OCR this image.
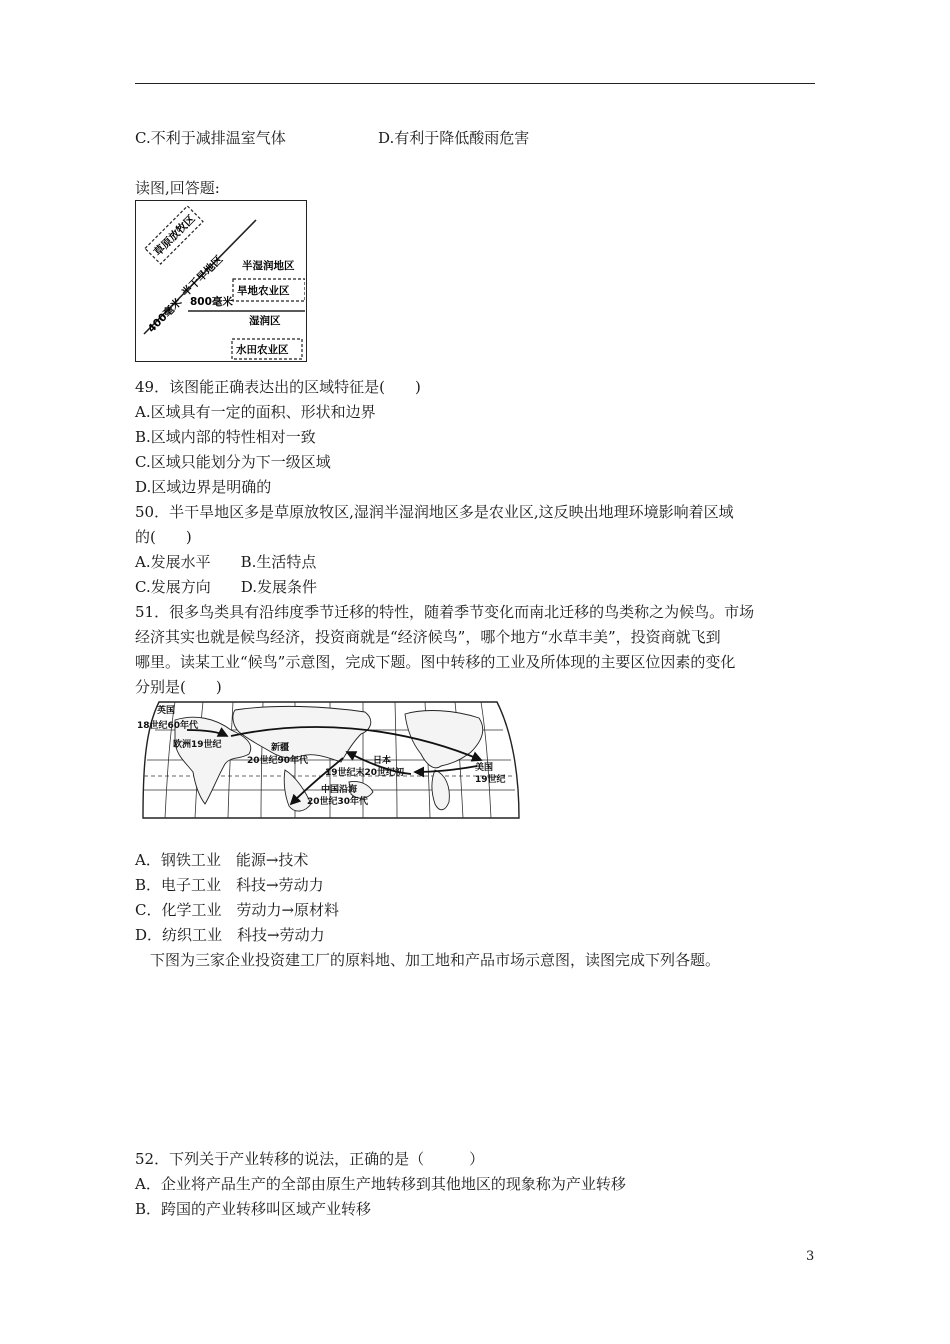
C.不利于减排温室气体	D.有利于降低酸雨危害
读图,回答题:
草原放牧区
400毫米
半干旱地区 半湿润地区
旱地农业区
800毫米
湿润区
水田农业区
49．该图能正确表达出的区域特征是(　　)
A.区域具有一定的面积、形状和边界
B.区域内部的特性相对一致
C.区域只能划分为下一级区域
D.区域边界是明确的
50．半干旱地区多是草原放牧区,湿润半湿润地区多是农业区,这反映出地理环境影响着区域
的(　　)
A.发展水平　　B.生活特点
C.发展方向　　D.发展条件
51．很多鸟类具有沿纬度季节迁移的特性，随着季节变化而南北迁移的鸟类称之为候鸟。市场
经济其实也就是候鸟经济，投资商就是“经济候鸟”，哪个地方“水草丰美”，投资商就飞到
哪里。读某工业“候鸟”示意图，完成下题。图中转移的工业及所体现的主要区位因素的变化
分别是(　　)
英国
18世纪60年代
欧洲19世纪	新疆
20世纪90年代	日本
19世纪末20世纪初	美国
19世纪
中国沿海
20世纪30年代
A．钢铁工业　能源→技术
B．电子工业　科技→劳动力
C．化学工业　劳动力→原材料
D．纺织工业　科技→劳动力
下图为三家企业投资建工厂的原料地、加工地和产品市场示意图，读图完成下列各题。
52．下列关于产业转移的说法，正确的是（　　　）
A．企业将产品生产的全部由原生产地转移到其他地区的现象称为产业转移
B．跨国的产业转移叫区域产业转移
3
